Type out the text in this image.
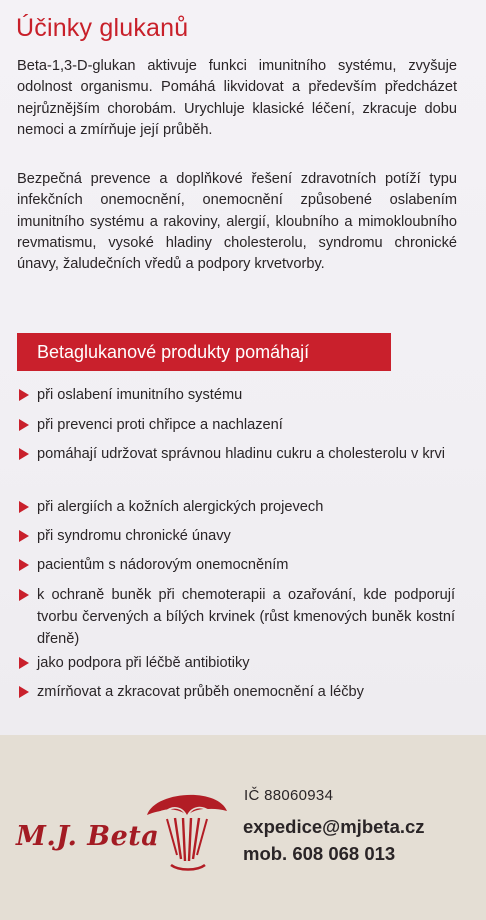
Účinky glukanů

Beta-1,3-D-glukan aktivuje funkci imunitního systému, zvyšuje odolnost organismu. Pomáhá likvidovat a především předcházet nejrůznějším chorobám. Urychluje klasické léčení, zkracuje dobu nemoci a zmírňuje její průběh.

Bezpečná prevence a doplňkové řešení zdravotních potíží typu infekčních onemocnění, onemocnění způsobené oslabením imunitního systému a rakoviny, alergií, kloubního a mimokloubního revmatismu, vysoké hladiny cholesterolu, syndromu chronické únavy, žaludečních vředů a podpory krvetvorby.

Betaglukanové produkty pomáhají
při oslabení imunitního systému
při prevenci proti chřipce a nachlazení
pomáhají udržovat správnou hladinu cukru a cholesterolu v krvi
při alergiích a kožních alergických projevech
při syndromu chronické únavy
pacientům s nádorovým onemocněním
k ochraně buněk při chemoterapii a ozařování, kde podporují tvorbu červených a bílých krvinek (růst kmenových buněk kostní dřeně)
jako podpora při léčbě antibiotiky
zmírňovat a zkracovat průběh onemocnění a léčby
M.J. Beta
IČ 88060934
expedice@mjbeta.cz
mob. 608 068 013
